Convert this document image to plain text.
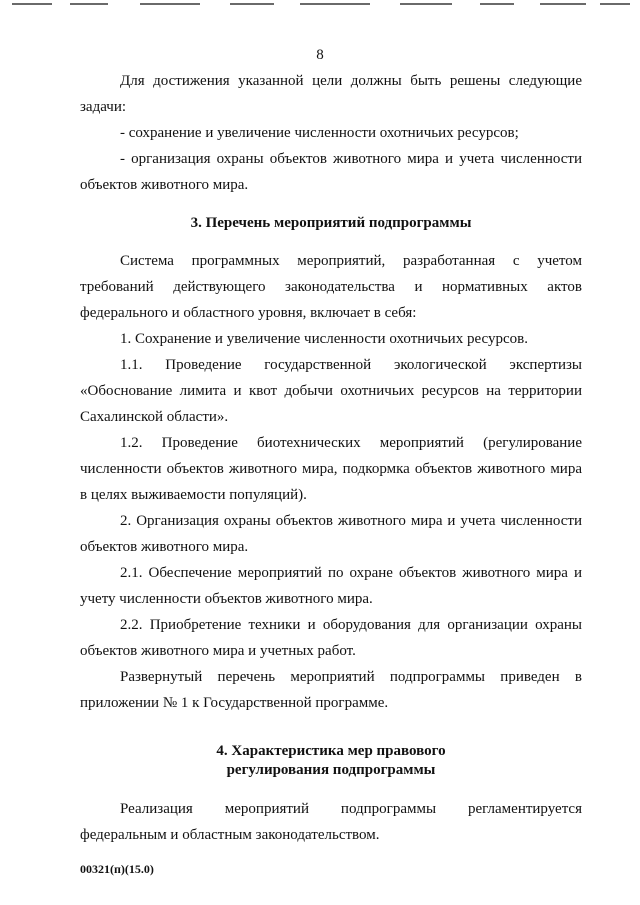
8

Для достижения указанной цели должны быть решены следующие задачи:

- сохранение и увеличение численности охотничьих ресурсов;

- организация охраны объектов животного мира и учета численности объектов животного мира.

3. Перечень мероприятий подпрограммы

Система программных мероприятий, разработанная с учетом требований действующего законодательства и нормативных актов федерального и областного уровня, включает в себя:

1. Сохранение и увеличение численности охотничьих ресурсов.

1.1. Проведение государственной экологической экспертизы «Обоснование лимита и квот добычи охотничьих ресурсов на территории Сахалинской области».

1.2. Проведение биотехнических мероприятий (регулирование численности объектов животного мира, подкормка объектов животного мира в целях выживаемости популяций).

2. Организация охраны объектов животного мира и учета численности объектов животного мира.

2.1. Обеспечение мероприятий по охране объектов животного мира и учету численности объектов животного мира.

2.2. Приобретение техники и оборудования для организации охраны объектов животного мира и учетных работ.

Развернутый перечень мероприятий подпрограммы приведен в приложении № 1 к Государственной программе.

4. Характеристика мер правового
регулирования подпрограммы

Реализация мероприятий подпрограммы регламентируется федеральным и областным законодательством.

00321(п)(15.0)
